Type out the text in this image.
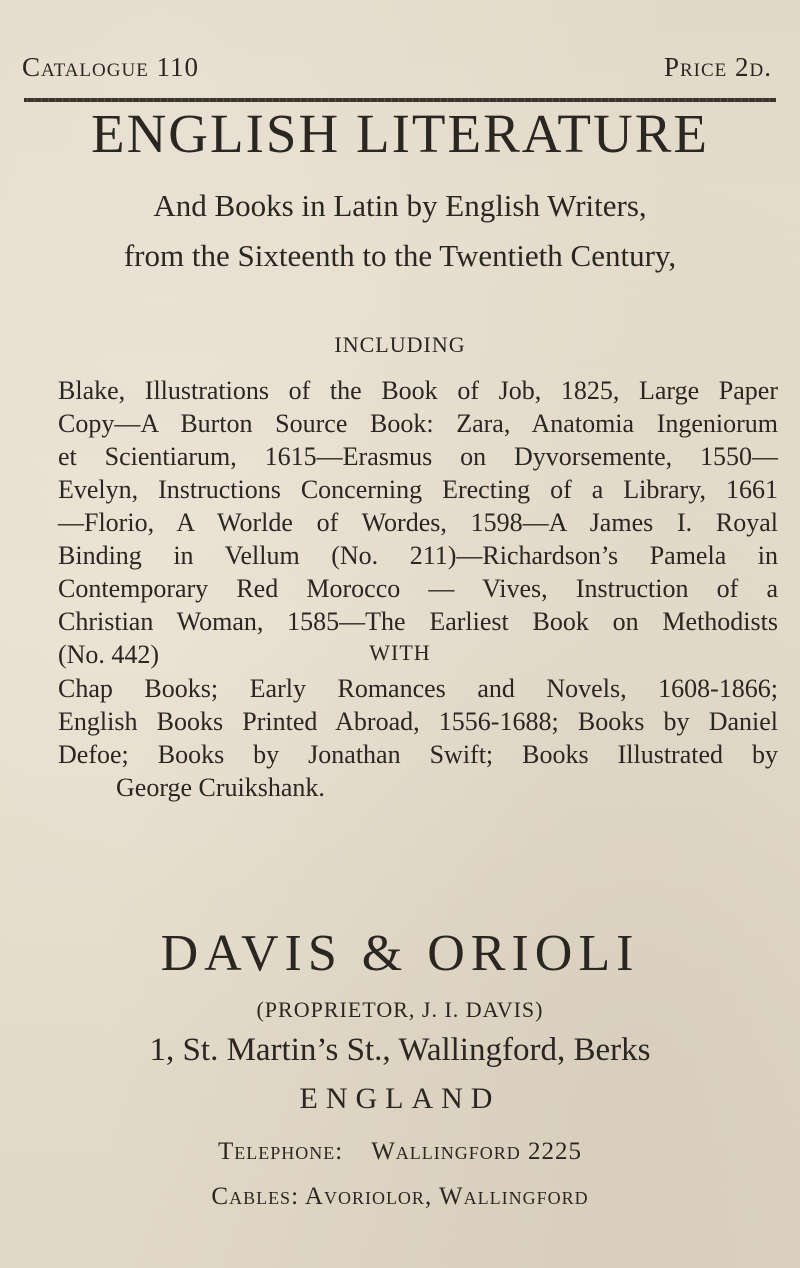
Catalogue 110	Price 2d.
ENGLISH LITERATURE
And Books in Latin by English Writers,
from the Sixteenth to the Twentieth Century,
INCLUDING
Blake, Illustrations of the Book of Job, 1825, Large Paper
Copy—A Burton Source Book: Zara, Anatomia Ingeniorum
et Scientiarum, 1615—Erasmus on Dyvorsemente, 1550—
Evelyn, Instructions Concerning Erecting of a Library, 1661
—Florio, A Worlde of Wordes, 1598—A James I. Royal
Binding in Vellum (No. 211)—Richardson’s Pamela in
Contemporary Red Morocco — Vives, Instruction of a
Christian Woman, 1585—The Earliest Book on Methodists
(No. 442)	WITH
Chap Books; Early Romances and Novels, 1608-1866;
English Books Printed Abroad, 1556-1688; Books by Daniel
Defoe; Books by Jonathan Swift; Books Illustrated by
George Cruikshank.
DAVIS & ORIOLI
(PROPRIETOR, J. I. DAVIS)
1, St. Martin’s St., Wallingford, Berks
ENGLAND
Telephone: Wallingford 2225
Cables: Avoriolor, Wallingford
